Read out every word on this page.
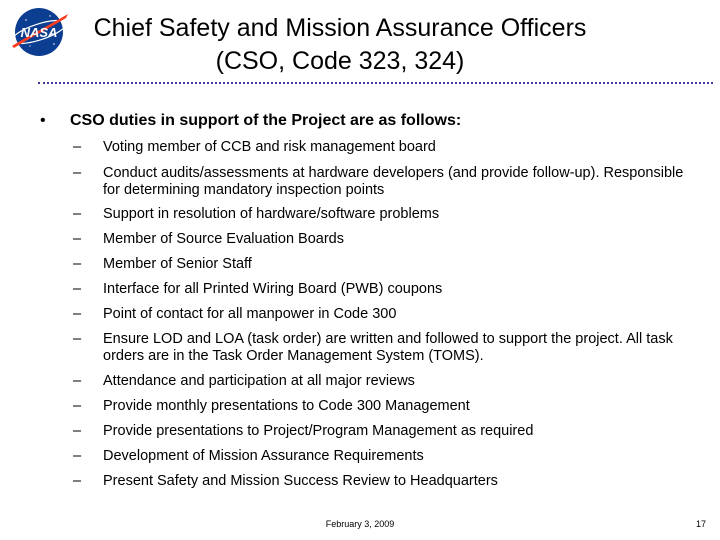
NASA	Chief Safety and Mission Assurance Officers
(CSO, Code 323, 324)
• CSO duties in support of the Project are as follows:
– Voting member of CCB and risk management board
– Conduct audits/assessments at hardware developers (and provide follow-up). Responsible for determining mandatory inspection points
– Support in resolution of hardware/software problems
– Member of Source Evaluation Boards
– Member of Senior Staff
– Interface for all Printed Wiring Board (PWB) coupons
– Point of contact for all manpower in Code 300
– Ensure LOD and LOA (task order) are written and followed to support the project. All task orders are in the Task Order Management System (TOMS).
– Attendance and participation at all major reviews
– Provide monthly presentations to Code 300 Management
– Provide presentations to Project/Program Management as required
– Development of Mission Assurance Requirements
– Present Safety and Mission Success Review to Headquarters
February 3, 2009	17
